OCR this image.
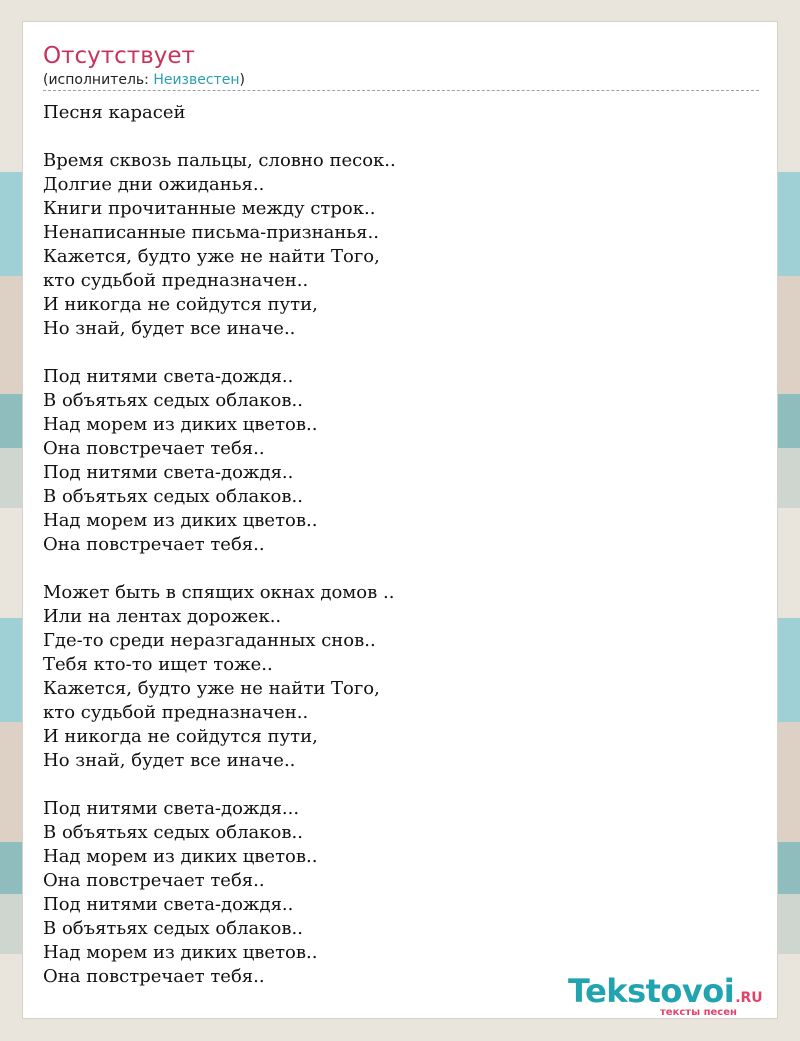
Отсутствует
(исполнитель: Неизвестен)
Песня карасей
Время сквозь пальцы, словно песок..
Долгие дни ожиданья..
Книги прочитанные между строк..
Ненаписанные письма-признанья..
Кажется, будто уже не найти Того,
кто судьбой предназначен..
И никогда не сойдутся пути,
Но знай, будет все иначе..
Под нитями света-дождя..
В объятьях седых облаков..
Над морем из диких цветов..
Она повстречает тебя..
Под нитями света-дождя..
В объятьях седых облаков..
Над морем из диких цветов..
Она повстречает тебя..
Может быть в спящих окнах домов ..
Или на лентах дорожек..
Где-то среди неразгаданных снов..
Тебя кто-то ищет тоже..
Кажется, будто уже не найти Того,
кто судьбой предназначен..
И никогда не сойдутся пути,
Но знай, будет все иначе..
Под нитями света-дождя...
В объятьях седых облаков..
Над морем из диких цветов..
Она повстречает тебя..
Под нитями света-дождя..
В объятьях седых облаков..
Над морем из диких цветов..
Она повстречает тебя..	Tekstovoi.RU
тексты песен
